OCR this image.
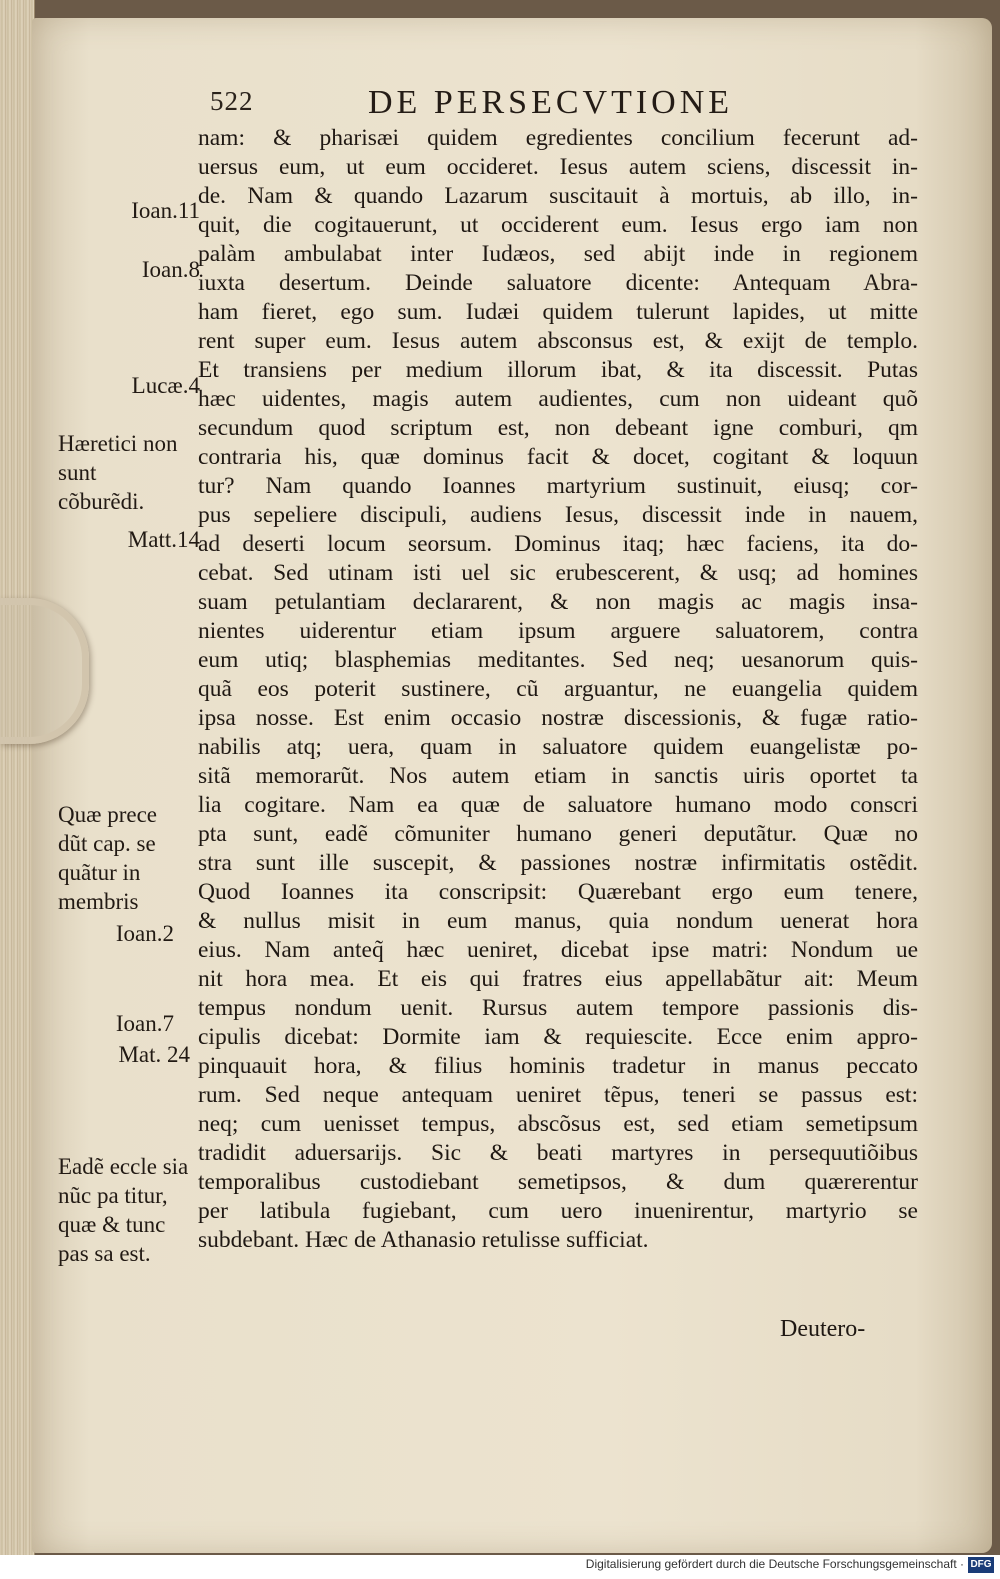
522	DE PERSECVTIONE
nam: & pharisæi quidem egredientes concilium fecerunt ad-
uersus eum, ut eum occideret. Iesus autem sciens, discessit in-
de. Nam & quando Lazarum suscitauit à mortuis, ab illo, in-
quit, die cogitauerunt, ut occiderent eum. Iesus ergo iam non
palàm ambulabat inter Iudæos, sed abijt inde in regionem
iuxta desertum. Deinde saluatore dicente: Antequam Abra-
ham fieret, ego sum. Iudæi quidem tulerunt lapides, ut mitte
rent super eum. Iesus autem absconsus est, & exijt de templo.
Et transiens per medium illorum ibat, & ita discessit. Putas
hæc uidentes, magis autem audientes, cum non uideant quõ
secundum quod scriptum est, non debeant igne comburi, qm
contraria his, quæ dominus facit & docet, cogitant & loquun
tur? Nam quando Ioannes martyrium sustinuit, eiusq; cor-
pus sepeliere discipuli, audiens Iesus, discessit inde in nauem,
ad deserti locum seorsum. Dominus itaq; hæc faciens, ita do-
cebat. Sed utinam isti uel sic erubescerent, & usq; ad homines
suam petulantiam declararent, & non magis ac magis insa-
nientes uiderentur etiam ipsum arguere saluatorem, contra
eum utiq; blasphemias meditantes. Sed neq; uesanorum quis-
quã eos poterit sustinere, cũ arguantur, ne euangelia quidem
ipsa nosse. Est enim occasio nostræ discessionis, & fugæ ratio-
nabilis atq; uera, quam in saluatore quidem euangelistæ po-
sitã memorarũt. Nos autem etiam in sanctis uiris oportet ta
lia cogitare. Nam ea quæ de saluatore humano modo conscri
pta sunt, eadẽ cõmuniter humano generi deputãtur. Quæ no
stra sunt ille suscepit, & passiones nostræ infirmitatis ostẽdit.
Quod Ioannes ita conscripsit: Quærebant ergo eum tenere,
& nullus misit in eum manus, quia nondum uenerat hora
eius. Nam anteq̃ hæc ueniret, dicebat ipse matri: Nondum ue
nit hora mea. Et eis qui fratres eius appellabãtur ait: Meum
tempus nondum uenit. Rursus autem tempore passionis dis-
cipulis dicebat: Dormite iam & requiescite. Ecce enim appro-
pinquauit hora, & filius hominis tradetur in manus peccato
rum. Sed neque antequam ueniret tẽpus, teneri se passus est:
neq; cum uenisset tempus, abscõsus est, sed etiam semetipsum
tradidit aduersarijs. Sic & beati martyres in persequutiõibus
temporalibus custodiebant semetipsos, & dum quærerentur
per latibula fugiebant, cum uero inuenirentur, martyrio se
subdebant. Hæc de Athanasio retulisse sufficiat.
Ioan.11
Ioan.8
Lucæ.4
Hæretici non sunt cõburẽdi.
Matt.14
Quæ prece dũt cap. se quãtur in membris
Ioan.2
Ioan.7
Mat. 24
Eadẽ eccle sia nũc pa titur, quæ & tunc pas sa est.
Deutero-
Digitalisierung gefördert durch die Deutsche Forschungsgemeinschaft · DFG
